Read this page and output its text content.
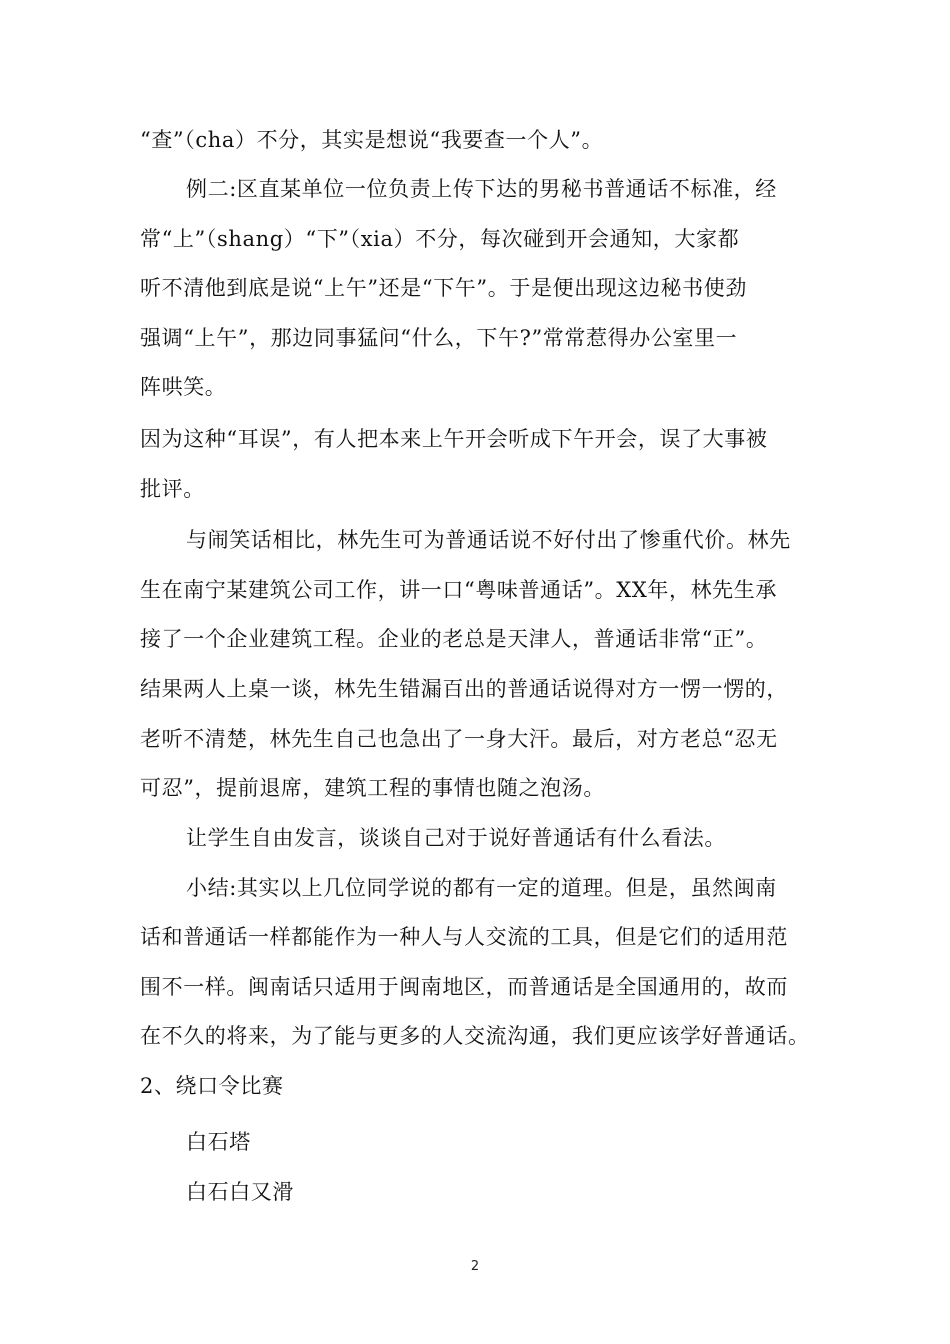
“查”（cha）不分，其实是想说“我要查一个人”。
例二:区直某单位一位负责上传下达的男秘书普通话不标准，经
常“上”（shang）“下”（xia）不分，每次碰到开会通知，大家都
听不清他到底是说“上午”还是“下午”。于是便出现这边秘书使劲
强调“上午”，那边同事猛问“什么，下午?”常常惹得办公室里一
阵哄笑。
因为这种“耳误”，有人把本来上午开会听成下午开会，误了大事被
批评。
与闹笑话相比，林先生可为普通话说不好付出了惨重代价。林先
生在南宁某建筑公司工作，讲一口“粤味普通话”。XX年，林先生承
接了一个企业建筑工程。企业的老总是天津人，普通话非常“正”。
结果两人上桌一谈，林先生错漏百出的普通话说得对方一愣一愣的，
老听不清楚，林先生自己也急出了一身大汗。最后，对方老总“忍无
可忍”，提前退席，建筑工程的事情也随之泡汤。
让学生自由发言，谈谈自己对于说好普通话有什么看法。
小结:其实以上几位同学说的都有一定的道理。但是，虽然闽南
话和普通话一样都能作为一种人与人交流的工具，但是它们的适用范
围不一样。闽南话只适用于闽南地区，而普通话是全国通用的，故而
在不久的将来，为了能与更多的人交流沟通，我们更应该学好普通话。
2、绕口令比赛
白石塔
白石白又滑
2
